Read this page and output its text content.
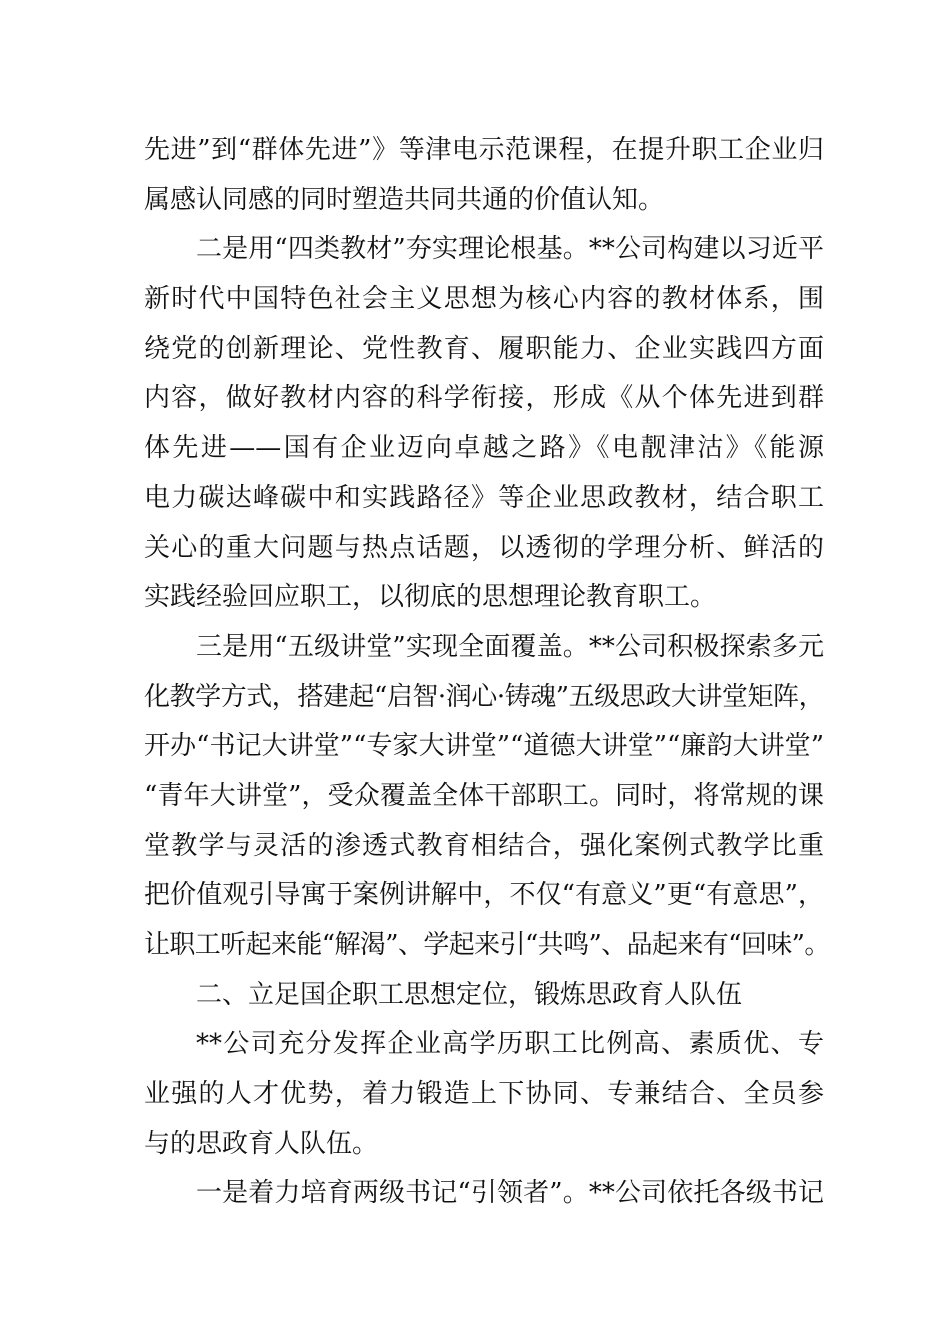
先进”到“群体先进”》等津电示范课程，在提升职工企业归
属感认同感的同时塑造共同共通的价值认知。
二是用“四类教材”夯实理论根基。**公司构建以习近平
新时代中国特色社会主义思想为核心内容的教材体系，围
绕党的创新理论、党性教育、履职能力、企业实践四方面
内容，做好教材内容的科学衔接，形成《从个体先进到群
体先进——国有企业迈向卓越之路》《电靓津沽》《能源
电力碳达峰碳中和实践路径》等企业思政教材，结合职工
关心的重大问题与热点话题，以透彻的学理分析、鲜活的
实践经验回应职工，以彻底的思想理论教育职工。
三是用“五级讲堂”实现全面覆盖。**公司积极探索多元
化教学方式，搭建起“启智·润心·铸魂”五级思政大讲堂矩阵，
开办“书记大讲堂”“专家大讲堂”“道德大讲堂”“廉韵大讲堂”
“青年大讲堂”，受众覆盖全体干部职工。同时，将常规的课
堂教学与灵活的渗透式教育相结合，强化案例式教学比重
把价值观引导寓于案例讲解中，不仅“有意义”更“有意思”，
让职工听起来能“解渴”、学起来引“共鸣”、品起来有“回味”。
二、立足国企职工思想定位，锻炼思政育人队伍
**公司充分发挥企业高学历职工比例高、素质优、专
业强的人才优势，着力锻造上下协同、专兼结合、全员参
与的思政育人队伍。
一是着力培育两级书记“引领者”。**公司依托各级书记
